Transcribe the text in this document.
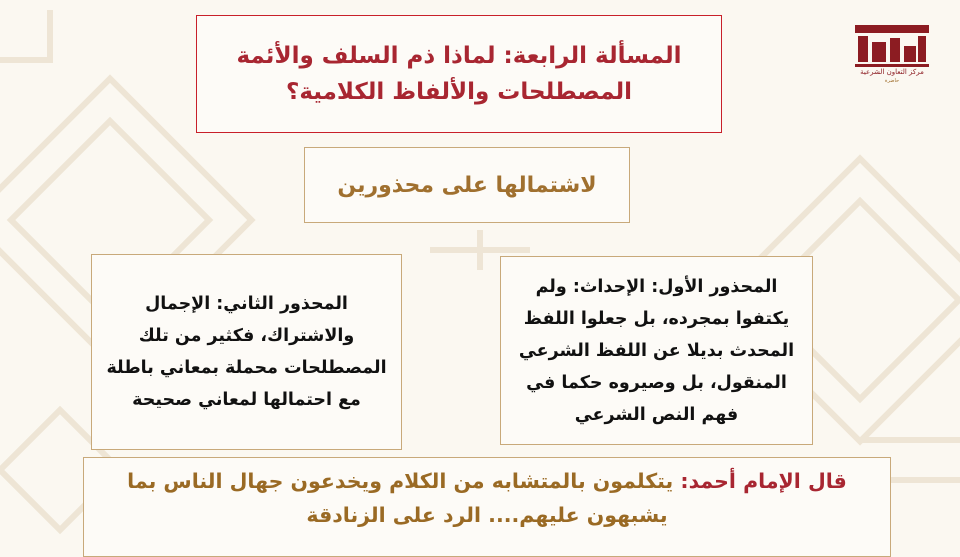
مركز التعاون الشرعية
حاضرة
المسألة الرابعة: لماذا ذم السلف والأئمة
المصطلحات والألفاظ الكلامية؟
لاشتمالها على محذورين
المحذور الأول: الإحداث: ولم
يكتفوا بمجرده، بل جعلوا اللفظ
المحدث بديلا عن اللفظ الشرعي
المنقول، بل وصيروه حكما في
فهم النص الشرعي
المحذور الثاني: الإجمال
والاشتراك، فكثير من تلك
المصطلحات محملة بمعاني باطلة
مع احتمالها لمعاني صحيحة
قال الإمام أحمد: يتكلمون بالمتشابه من الكلام ويخدعون جهال الناس بما
يشبهون عليهم.... الرد على الزنادقة
